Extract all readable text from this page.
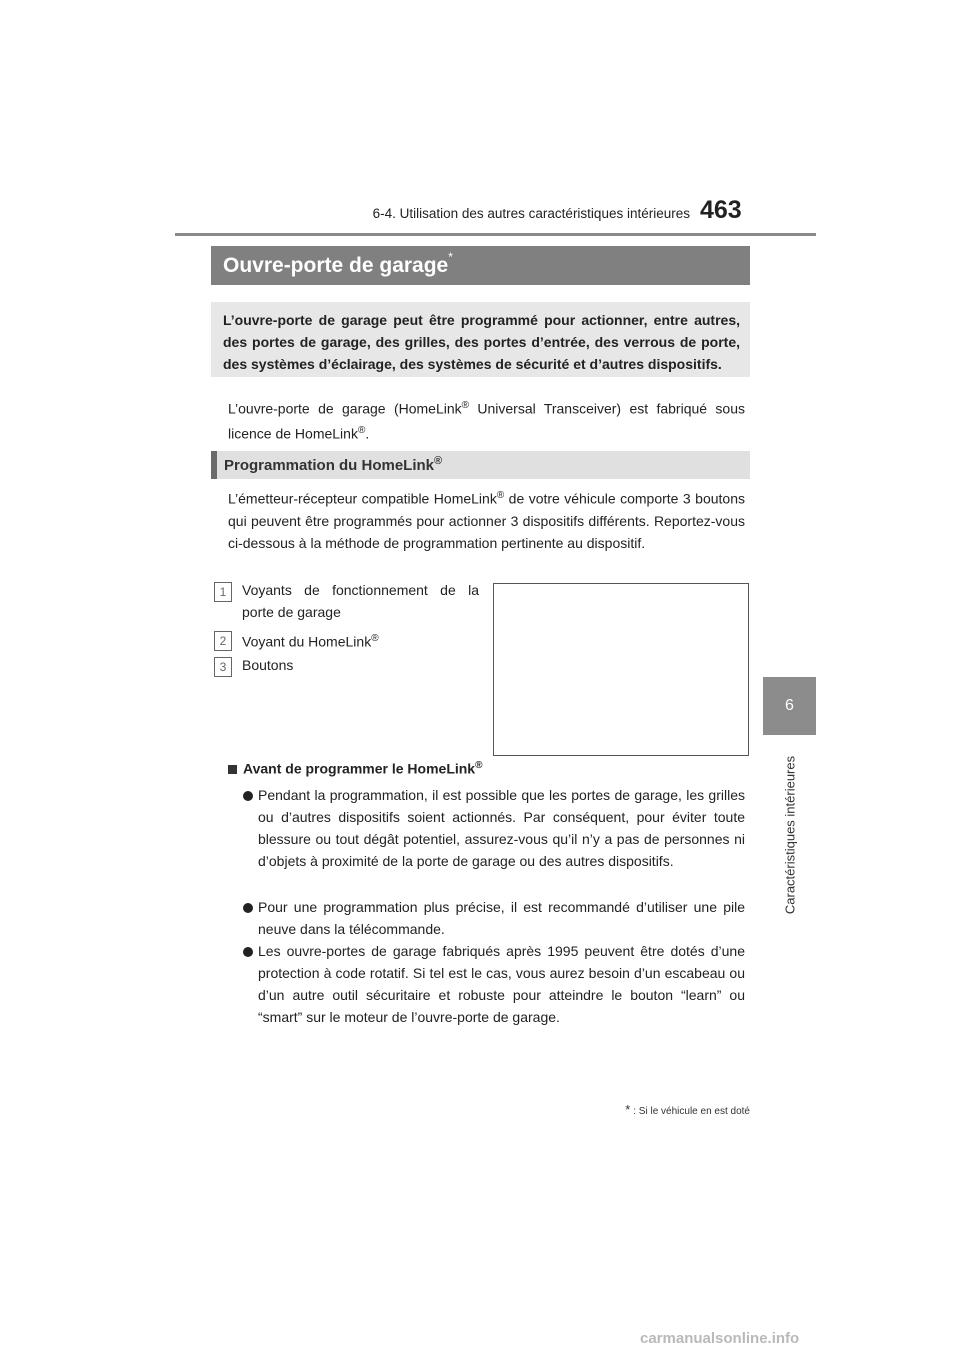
6-4. Utilisation des autres caractéristiques intérieures 463
6
Caractéristiques intérieures
Ouvre-porte de garage*

L’ouvre-porte de garage peut être programmé pour actionner, entre autres, des portes de garage, des grilles, des portes d’entrée, des verrous de porte, des systèmes d’éclairage, des systèmes de sécurité et d’autres dispositifs.

L’ouvre-porte de garage (HomeLink® Universal Transceiver) est fabriqué sous licence de HomeLink®.

Programmation du HomeLink®

L’émetteur-récepteur compatible HomeLink® de votre véhicule comporte 3 boutons qui peuvent être programmés pour actionner 3 dispositifs différents. Reportez-vous ci-dessous à la méthode de programmation pertinente au dispositif.

1	Voyants de fonctionnement de la porte de garage
2	Voyant du HomeLink®
3	Boutons
Avant de programmer le HomeLink®

Pendant la programmation, il est possible que les portes de garage, les grilles ou d’autres dispositifs soient actionnés. Par conséquent, pour éviter toute blessure ou tout dégât potentiel, assurez-vous qu’il n’y a pas de personnes ni d’objets à proximité de la porte de garage ou des autres dispositifs.

Pour une programmation plus précise, il est recommandé d’utiliser une pile neuve dans la télécommande.

Les ouvre-portes de garage fabriqués après 1995 peuvent être dotés d’une protection à code rotatif. Si tel est le cas, vous aurez besoin d’un escabeau ou d’un autre outil sécuritaire et robuste pour atteindre le bouton “learn” ou “smart” sur le moteur de l’ouvre-porte de garage.

* : Si le véhicule en est doté
carmanualsonline.info
